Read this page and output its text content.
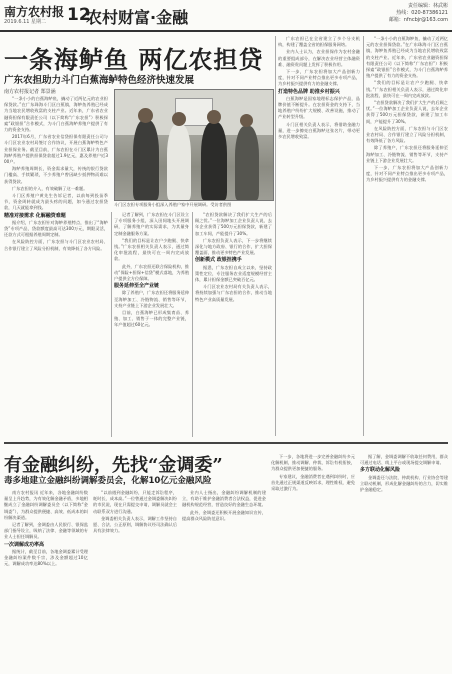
南方农村报
2019.6.11 星期二 12
农村财富·金融
责任编辑：林武彬
热线：020-87386121
邮箱：nfncbjr@163.com
一条海鲈鱼 两亿农担贷
广东农担助力斗门白蕉海鲈特色经济快速发展
南方农村报记者 郑景涵

“一条小小的白蕉海鲈鱼，撬动了近两亿元的农业担保贷款。”在广东珠海斗门区白蕉镇，海鲈鱼养殖已经成为当地农民增收致富的支柱产业。近年来，广东省农业融资担保有限责任公司（以下简称“广东农担”）积极探索“政银担”合作模式，为斗门白蕉海鲈养殖户提供了有力的资金支持。

2017年6月，广东省农业信贷担保有限责任公司与斗门区农业农村局签订合作协议，开展白蕉海鲈特色产业担保业务。截至目前，广东农担在斗门区累计为白蕉海鲈养殖户提供担保贷款超过1.9亿元，惠及养殖户近300户。

海鲈养殖周期长，资金需求量大，传统的银行贷款门槛高、手续繁琐，不少养殖户曾因缺少抵押物而难以获得贷款。

广东农担的介入，有效破解了这一难题。

斗门区养殖户黄先生告诉记者，以前每到投苗季节，资金周转就成为最头疼的问题，如今通过农担贷款，几天就能拿到钱。

精准对接需求 化解融资难题

据介绍，广东农担针对海鲈养殖特点，推出了“海鲈贷”专项产品，贷款额度最高可达300万元，期限灵活，还款方式可根据养殖周期定制。

在风险防控方面，广东农担与斗门区农业农村局、合作银行建立了风险分担机制，有效降低了各方风险。

斗门区农担专项服务小组深入养殖户家中开展调研。受访者供图

记者了解到，广东农担在斗门区设立了专项服务小组，深入田间地头开展调研，了解养殖户的实际需求，为其量身定制金融服务方案。

“我们的目标是让农户少跑腿、快拿钱。”广东农担相关负责人表示，通过简化审批流程，最快可在一周内完成放款。

此外，广东农担还联合保险机构，推动“保险+担保+信贷”模式落地，为养殖户提供全方位保障。

服务延伸至全产业链

除了养殖户，广东农担还将服务延伸至海鲈加工、冷链物流、销售等环节，支持产业链上下游企业发展壮大。

目前，白蕉海鲈已形成集育苗、养殖、加工、销售于一体的完整产业链，年产值超过60亿元。

“农担贷款解决了我们扩大生产的后顾之忧。”一位海鲈加工企业负责人说，去年企业获得了500万元担保贷款，新建了加工车间，产能提升了30%。

广东农担负责人表示，下一步将继续深化与地方政府、银行的合作，扩大担保覆盖面，推动更多特色产业发展。

创新模式 政银担携手

据悉，广东农担自成立以来，坚持政策性定位，专注服务农业适度规模经营主体，累计担保金额已突破百亿元。

斗门区农业农村局有关负责人表示，将持续加强与广东农担的合作，推动当地特色产业高质量发展。

广东农担已在全省建立了多个分支机构，构建了覆盖全省的担保服务网络。

业内人士认为，农业担保作为农村金融的重要组成部分，在解决农业经营主体融资难、融资贵问题上发挥了积极作用。

下一步，广东农担将加大产品创新力度，针对不同产业特点推出更多专项产品，为乡村振兴提供有力的金融支撑。

打造特色品牌 助推乡村振兴

白蕉海鲈是国家地理标志保护产品，品牌价值不断提升。在农担资金的支持下，当地养殖户纷纷扩大规模、改善设施，推动了产业转型升级。

斗门区相关负责人表示，将借助金融力量，进一步擦亮白蕉海鲈这张名片，带动更多农民增收致富。

“一条小小的白蕉海鲈鱼，撬动了近两亿元的农业担保贷款。”在广东珠海斗门区白蕉镇，海鲈鱼养殖已经成为当地农民增收致富的支柱产业。近年来，广东省农业融资担保有限责任公司（以下简称“广东农担”）积极探索“政银担”合作模式，为斗门白蕉海鲈养殖户提供了有力的资金支持。

“我们的目标是让农户少跑腿、快拿钱。”广东农担相关负责人表示，通过简化审批流程，最快可在一周内完成放款。

“农担贷款解决了我们扩大生产的后顾之忧。”一位海鲈加工企业负责人说，去年企业获得了500万元担保贷款，新建了加工车间，产能提升了30%。

在风险防控方面，广东农担与斗门区农业农村局、合作银行建立了风险分担机制，有效降低了各方风险。

除了养殖户，广东农担还将服务延伸至海鲈加工、冷链物流、销售等环节，支持产业链上下游企业发展壮大。

下一步，广东农担将加大产品创新力度，针对不同产业特点推出更多专项产品，为乡村振兴提供有力的金融支撑。

有金融纠纷，先找“金调委”
毒多地建立金融纠纷调解委员会，化解10亿元金融风险

南方农村报讯 近年来，各地金融纠纷数量呈上升趋势，为有效化解金融矛盾，多地相继成立了金融纠纷调解委员会（以下简称“金调委”），为群众提供便捷、高效、低成本的纠纷解决渠道。

记者了解到，金调委由人民银行、银保监部门指导设立，吸纳了法律、金融等领域的专业人士担任调解员。

一次调解成功率高

据统计，截至目前，各地金调委累计受理金融纠纷案件数千宗，涉及金额超过10亿元，调解成功率达80%以上。

“以前遇到金融纠纷，只能走诉讼程序，耗时长、成本高。”一位曾通过金调委解决纠纷的市民说，现在只需提交申请，调解员就会主动联系双方进行沟通。

金调委相关负责人表示，调解工作坚持自愿、合法、公正原则，调解协议经司法确认后具有法律效力。

业内人士指出，金融纠纷调解机制的建立，有助于维护金融消费者合法权益，促进金融机构规范经营，营造良好的金融生态环境。

此外，金调委还积极开展金融知识宣传，提高群众风险防范意识。

下一步，各地将进一步完善金融纠纷多元化解机制，推动调解、仲裁、诉讼有机衔接，为群众提供更加便捷的服务。

专家建议，金融消费者在遇到纠纷时，应首先通过正规渠道反映诉求，理性维权，避免采取过激行为。

据了解，金调委调解不收取任何费用，群众可通过电话、线上平台或现场提交调解申请。

多方联动化解风险

金调委还与法院、仲裁机构、行业协会等建立联动机制，形成化解金融纠纷的合力，切实维护金融稳定。
